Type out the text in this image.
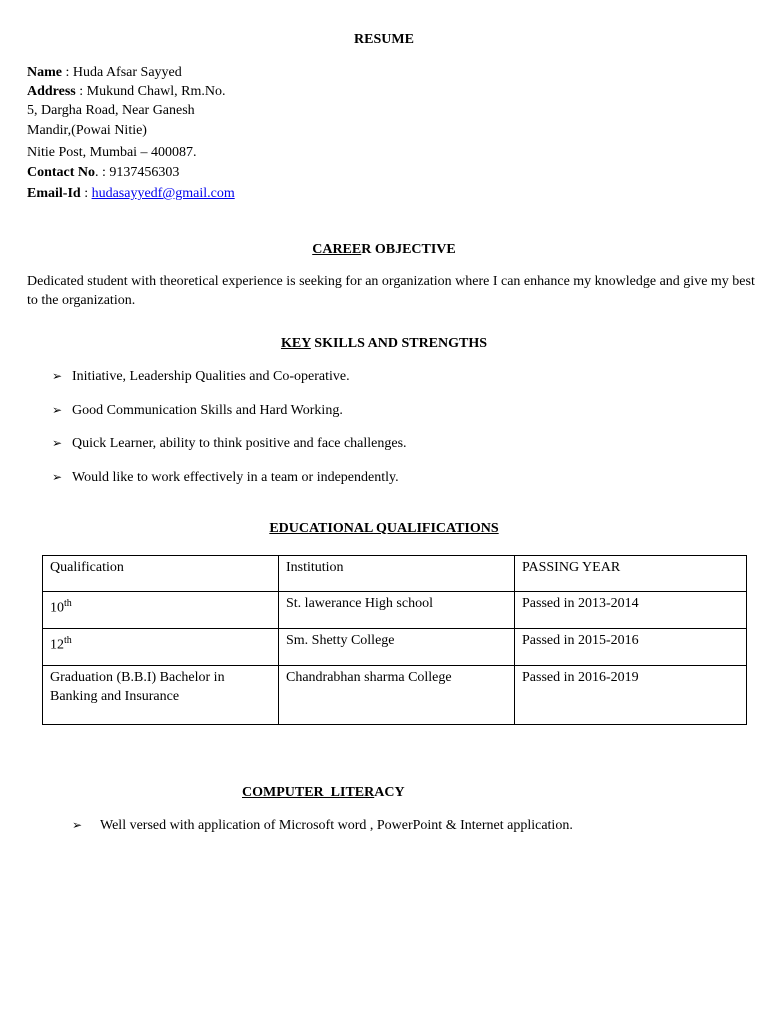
RESUME
Name : Huda Afsar Sayyed
Address : Mukund Chawl, Rm.No.
5, Dargha Road, Near Ganesh
Mandir,(Powai Nitie)
Nitie Post, Mumbai – 400087.
Contact No. : 9137456303
Email-Id : hudasayyedf@gmail.com
CAREER OBJECTIVE
Dedicated student with theoretical experience is seeking for an organization where I can enhance my knowledge and give my best to the organization.
KEY SKILLS AND STRENGTHS
➢ Initiative, Leadership Qualities and Co-operative.
➢ Good Communication Skills and Hard Working.
➢ Quick Learner, ability to think positive and face challenges.
➢ Would like to work effectively in a team or independently.
EDUCATIONAL QUALIFICATIONS
Qualification	Institution	PASSING YEAR
10th	St. lawerance High school	Passed in 2013-2014
12th	Sm. Shetty College	Passed in 2015-2016
Graduation (B.B.I) Bachelor in Banking and Insurance	Chandrabhan sharma College	Passed in 2016-2019
COMPUTER  LITERACY
➢ Well versed with application of Microsoft word , PowerPoint & Internet application.
